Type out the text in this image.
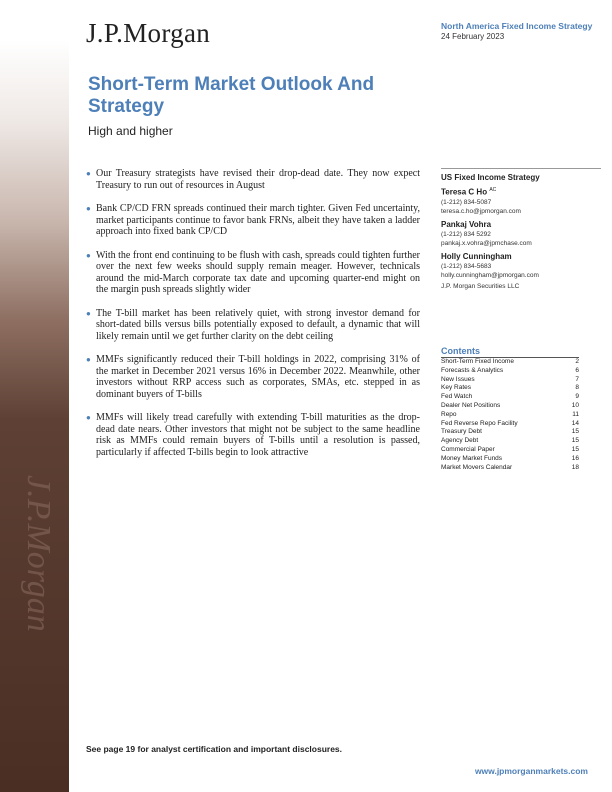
J.P.Morgan
J.P.Morgan	North America Fixed Income Strategy
24 February 2023
Short-Term Market Outlook And Strategy
High and higher
● Our Treasury strategists have revised their drop-dead date. They now expect Treasury to run out of resources in August
● Bank CP/CD FRN spreads continued their march tighter. Given Fed uncertainty, market participants continue to favor bank FRNs, albeit they have taken a ladder approach into fixed bank CP/CD
● With the front end continuing to be flush with cash, spreads could tighten further over the next few weeks should supply remain meager. However, technicals around the mid-March corporate tax date and upcoming quarter-end might on the margin push spreads slightly wider
● The T-bill market has been relatively quiet, with strong investor demand for short-dated bills versus bills potentially exposed to default, a dynamic that will likely remain until we get further clarity on the debt ceiling
● MMFs significantly reduced their T-bill holdings in 2022, comprising 31% of the market in December 2021 versus 16% in December 2022. Meanwhile, other investors without RRP access such as corporates, SMAs, etc. stepped in as dominant buyers of T-bills
● MMFs will likely tread carefully with extending T-bill maturities as the drop-dead date nears. Other investors that might not be subject to the same headline risk as MMFs could remain buyers of T-bills until a resolution is passed, particularly if affected T-bills begin to look attractive
US Fixed Income Strategy
Teresa C Ho $^{AC}$
(1-212) 834-5087
teresa.c.ho@jpmorgan.com
Pankaj Vohra
(1-212) 834 5292
pankaj.x.vohra@jpmchase.com
Holly Cunningham
(1-212) 834-5683
holly.cunningham@jpmorgan.com
J.P. Morgan Securities LLC
Contents
Short-Term Fixed Income	2
Forecasts & Analytics	6
New Issues	7
Key Rates	8
Fed Watch	9
Dealer Net Positions	10
Repo	11
Fed Reverse Repo Facility	14
Treasury Debt	15
Agency Debt	15
Commercial Paper	15
Money Market Funds	16
Market Movers Calendar	18
See page 19 for analyst certification and important disclosures.
www.jpmorganmarkets.com
